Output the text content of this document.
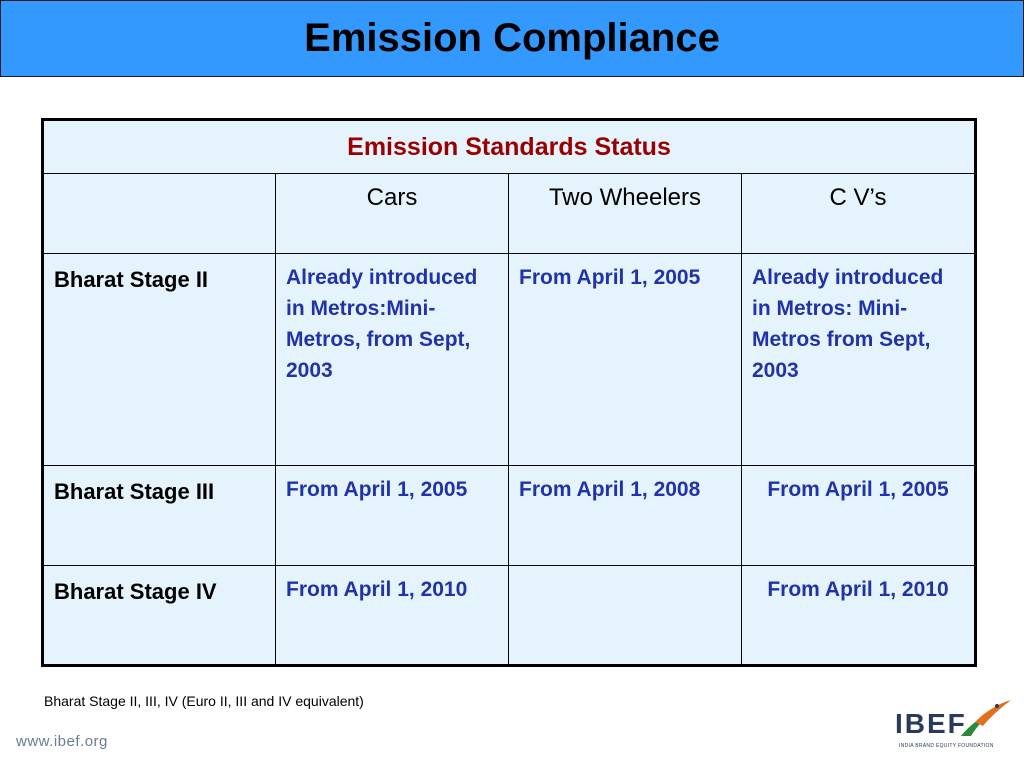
Emission Compliance
Emission Standards Status			
	Cars	Two Wheelers	C V’s
Bharat Stage II	Already introduced in Metros:Mini-Metros, from Sept, 2003	From April 1, 2005	Already introduced in Metros: Mini-Metros from Sept, 2003
Bharat Stage III	From April 1, 2005	From April 1, 2008	From April 1, 2005
Bharat Stage IV	From April 1, 2010		From April 1, 2010
Bharat Stage II, III, IV (Euro II, III and IV equivalent)
www.ibef.org
IBEF
INDIA BRAND EQUITY FOUNDATION
